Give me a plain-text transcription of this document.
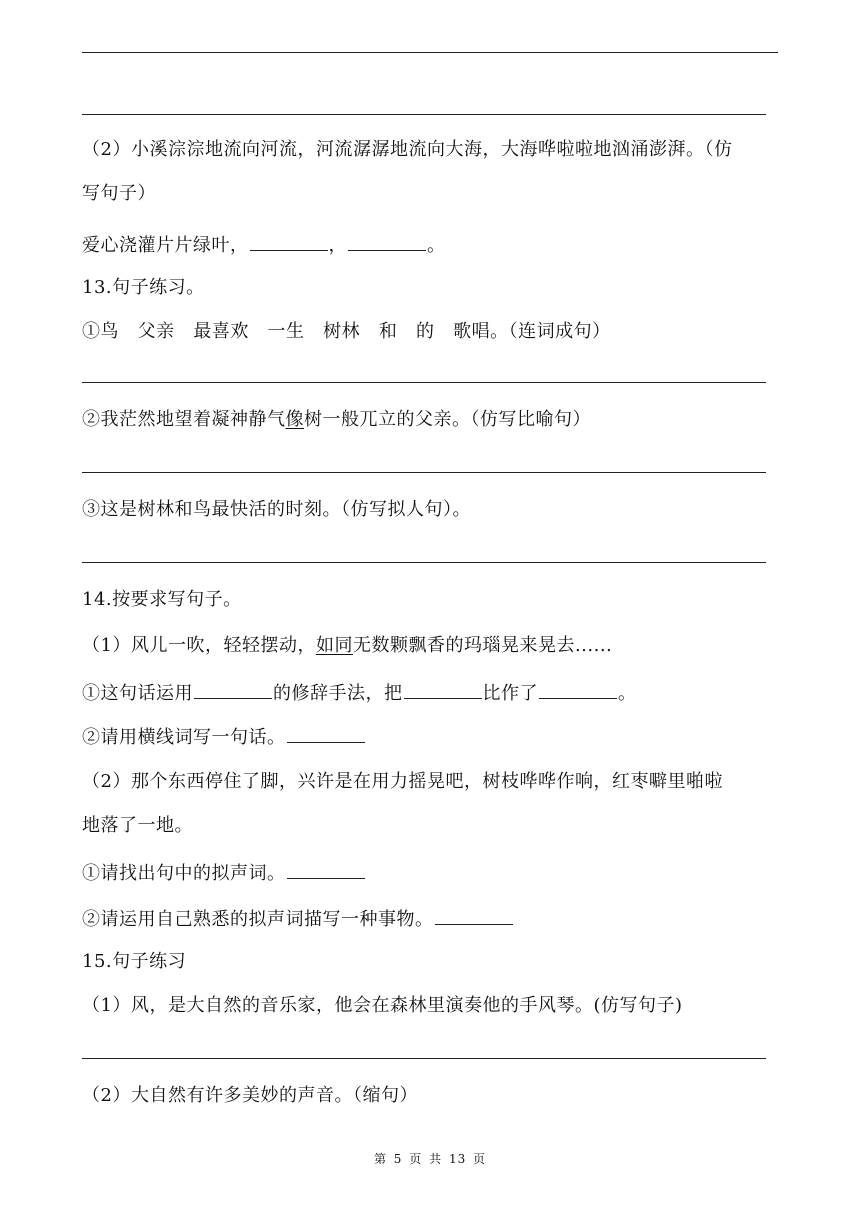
（2）小溪淙淙地流向河流，河流潺潺地流向大海，大海哗啦啦地汹涌澎湃。（仿
写句子）
爱心浇灌片片绿叶，	，	。
13.句子练习。
①鸟   父亲   最喜欢   一生   树林   和   的   歌唱。（连词成句）
②我茫然地望着凝神静气像树一般兀立的父亲。（仿写比喻句）
③这是树林和鸟最快活的时刻。（仿写拟人句）。
14.按要求写句子。
（1）风儿一吹，轻轻摆动，如同无数颗飘香的玛瑙晃来晃去......
①这句话运用	的修辞手法，把	比作了	。
②请用横线词写一句话。
（2）那个东西停住了脚，兴许是在用力摇晃吧，树枝哗哗作响，红枣噼里啪啦
地落了一地。
①请找出句中的拟声词。
②请运用自己熟悉的拟声词描写一种事物。
15.句子练习
（1）风，是大自然的音乐家，他会在森林里演奏他的手风琴。(仿写句子)
（2）大自然有许多美妙的声音。（缩句）
第 5 页 共 13 页
